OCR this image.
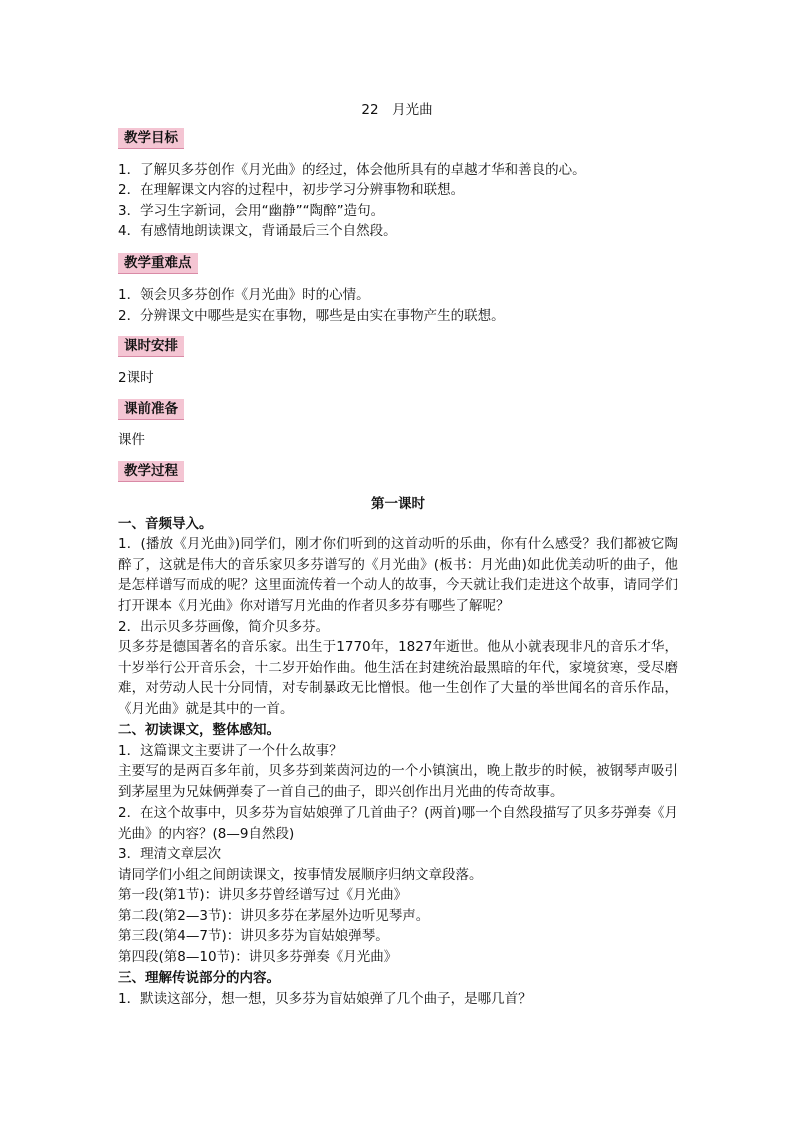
22　月光曲
教学目标
1．了解贝多芬创作《月光曲》的经过，体会他所具有的卓越才华和善良的心。
2．在理解课文内容的过程中，初步学习分辨事物和联想。
3．学习生字新词，会用“幽静”“陶醉”造句。
4．有感情地朗读课文，背诵最后三个自然段。
教学重难点
1．领会贝多芬创作《月光曲》时的心情。
2．分辨课文中哪些是实在事物，哪些是由实在事物产生的联想。
课时安排
2课时
课前准备
课件
教学过程
第一课时
一、音频导入。
1．(播放《月光曲》)同学们，刚才你们听到的这首动听的乐曲，你有什么感受？我们都被它陶醉了，这就是伟大的音乐家贝多芬谱写的《月光曲》(板书：月光曲)如此优美动听的曲子，他是怎样谱写而成的呢？这里面流传着一个动人的故事，今天就让我们走进这个故事，请同学们打开课本《月光曲》你对谱写月光曲的作者贝多芬有哪些了解呢？
2．出示贝多芬画像，简介贝多芬。
贝多芬是德国著名的音乐家。出生于1770年，1827年逝世。他从小就表现非凡的音乐才华，十岁举行公开音乐会，十二岁开始作曲。他生活在封建统治最黑暗的年代，家境贫寒，受尽磨难，对劳动人民十分同情，对专制暴政无比憎恨。他一生创作了大量的举世闻名的音乐作品，《月光曲》就是其中的一首。
二、初读课文，整体感知。
1．这篇课文主要讲了一个什么故事？
主要写的是两百多年前，贝多芬到莱茵河边的一个小镇演出，晚上散步的时候，被钢琴声吸引到茅屋里为兄妹俩弹奏了一首自己的曲子，即兴创作出月光曲的传奇故事。
2．在这个故事中，贝多芬为盲姑娘弹了几首曲子？(两首)哪一个自然段描写了贝多芬弹奏《月光曲》的内容？(8—9自然段)
3．理清文章层次
请同学们小组之间朗读课文，按事情发展顺序归纳文章段落。
第一段(第1节)：讲贝多芬曾经谱写过《月光曲》
第二段(第2—3节)：讲贝多芬在茅屋外边听见琴声。
第三段(第4—7节)：讲贝多芬为盲姑娘弹琴。
第四段(第8—10节)：讲贝多芬弹奏《月光曲》
三、理解传说部分的内容。
1．默读这部分，想一想，贝多芬为盲姑娘弹了几个曲子，是哪几首？
